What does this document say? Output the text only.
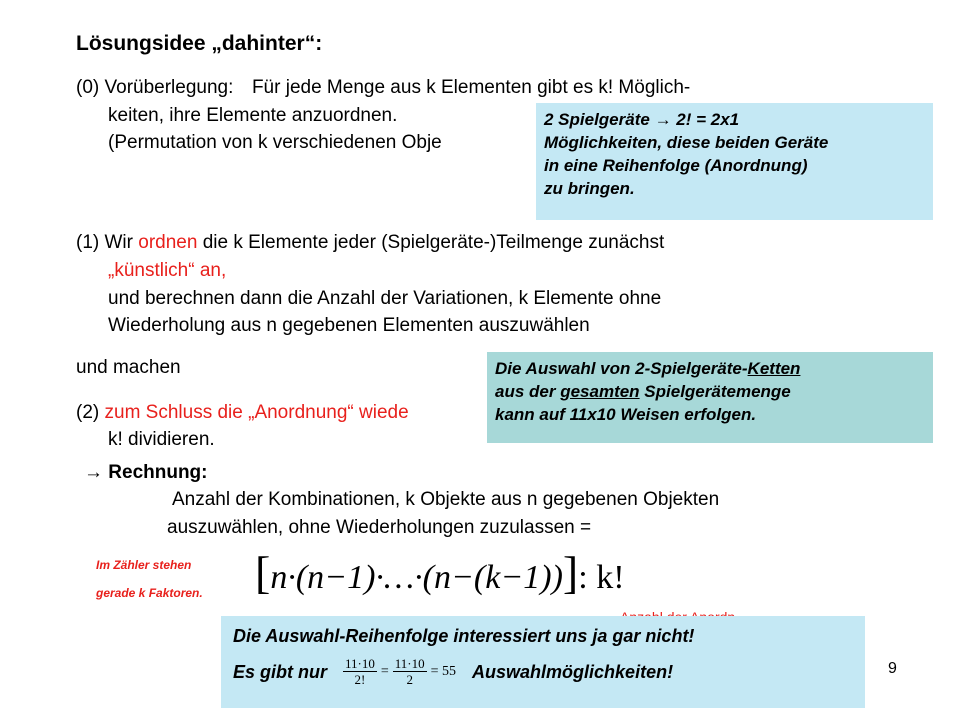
Lösungsidee „dahinter“:
(0) Vorüberlegung: Für jede Menge aus k Elementen gibt es k! Möglich-
keiten, ihre Elemente anzuordnen.
(Permutation von k verschiedenen Obje
2 Spielgeräte → 2! = 2x1
Möglichkeiten, diese beiden Geräte
in eine Reihenfolge (Anordnung)
zu bringen.
(1) Wir ordnen die k Elemente jeder (Spielgeräte-)Teilmenge zunächst
„künstlich“ an,
und berechnen dann die Anzahl der Variationen, k Elemente ohne
Wiederholung aus n gegebenen Elementen auszuwählen
und machen
(2) zum Schluss die „Anordnung“ wiede
k! dividieren.
Die Auswahl von 2-Spielgeräte-Ketten
aus der gesamten Spielgerätemenge
kann auf 11x10 Weisen erfolgen.
→ Rechnung:
Anzahl der Kombinationen, k Objekte aus n gegebenen Objekten
auszuwählen, ohne Wiederholungen zuzulassen =
Im Zähler stehen
gerade k Faktoren. [n·(n−1)·…·(n−(k−1))]: k!
Die Auswahl-Reihenfolge interessiert uns ja gar nicht!
Es gibt nur $\frac{11\cdot 10}{2!} = \frac{11\cdot 10}{2} = 55$ Auswahlmöglichkeiten!	9
